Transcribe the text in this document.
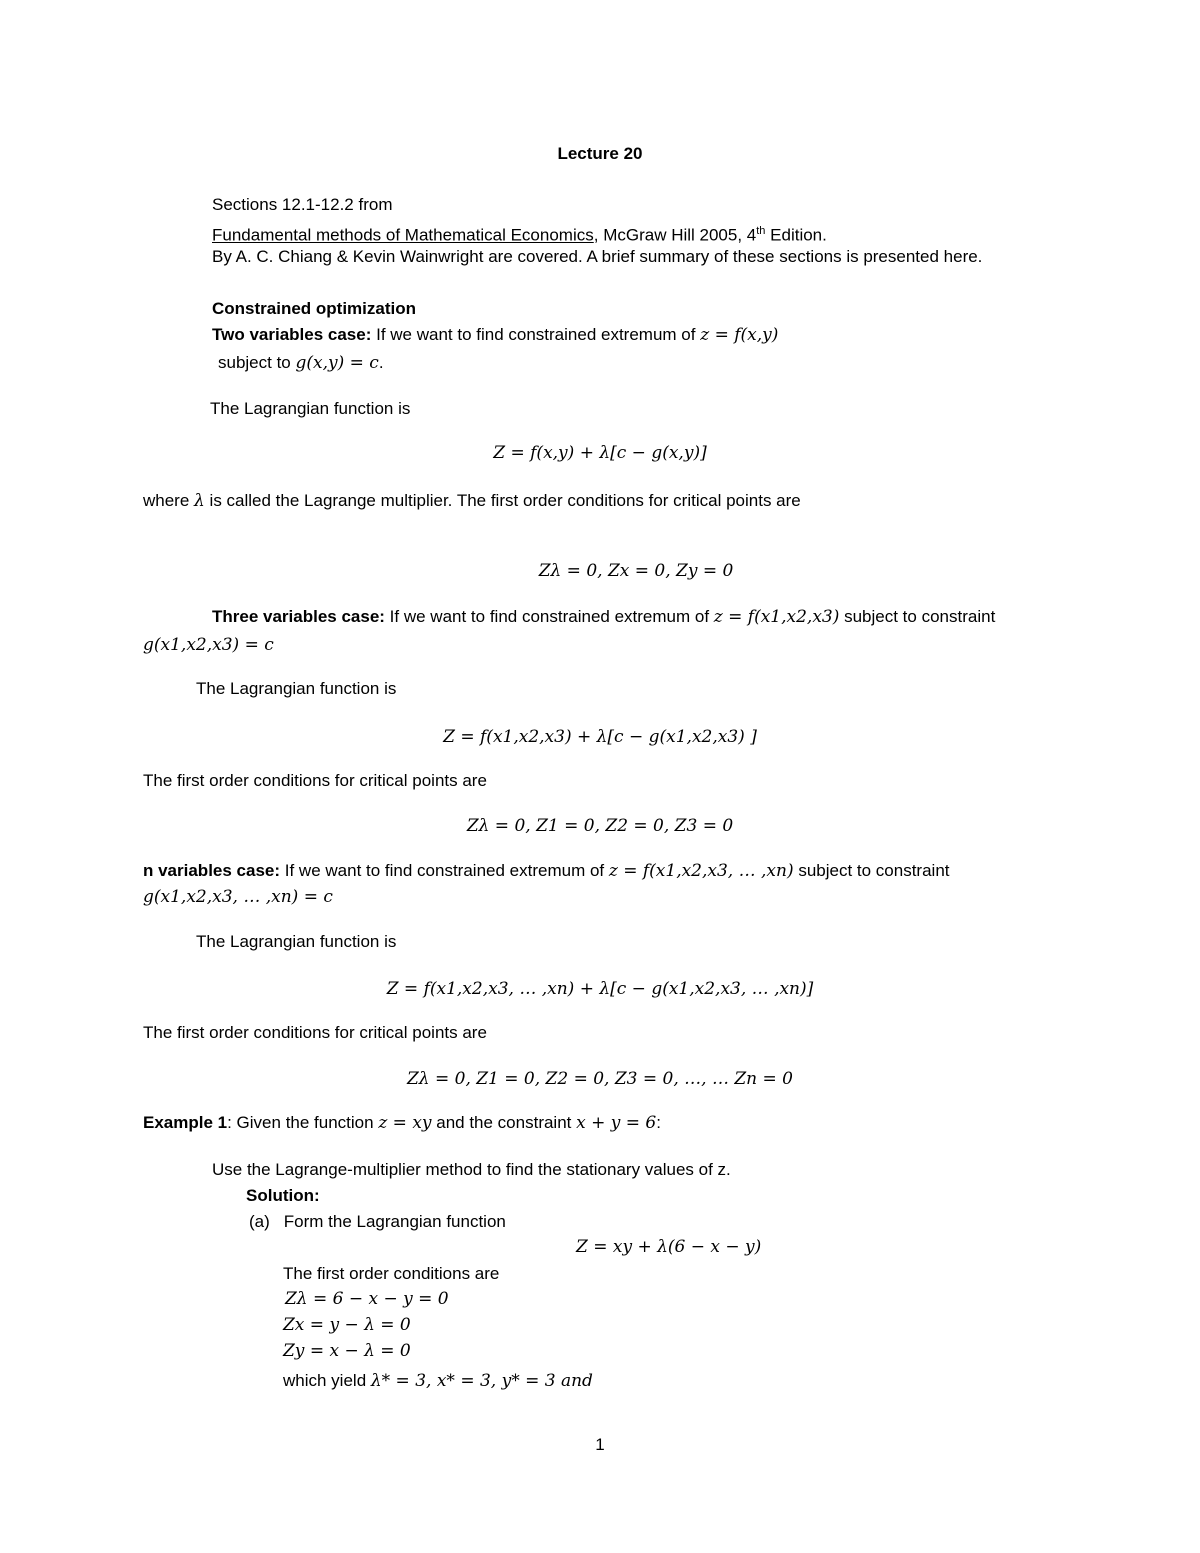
Lecture 20
Sections 12.1-12.2 from
Fundamental methods of Mathematical Economics, McGraw Hill 2005, 4th Edition.
By A. C. Chiang & Kevin Wainwright are covered. A brief summary of these sections is presented here.
Constrained optimization
Two variables case: If we want to find constrained extremum of z = f(x,y)
subject to g(x,y) = c.
The Lagrangian function is
Z = f(x,y) + λ[c − g(x,y)]
where λ is called the Lagrange multiplier. The first order conditions for critical points are
Zλ = 0, Zx = 0, Zy = 0
Three variables case: If we want to find constrained extremum of z = f(x1,x2,x3) subject to constraint
g(x1,x2,x3) = c
The Lagrangian function is
Z = f(x1,x2,x3) + λ[c − g(x1,x2,x3) ]
The first order conditions for critical points are
Zλ = 0, Z1 = 0, Z2 = 0, Z3 = 0
n variables case: If we want to find constrained extremum of z = f(x1,x2,x3, … ,xn) subject to constraint
g(x1,x2,x3, … ,xn) = c
The Lagrangian function is
Z = f(x1,x2,x3, … ,xn) + λ[c − g(x1,x2,x3, … ,xn)]
The first order conditions for critical points are
Zλ = 0, Z1 = 0, Z2 = 0, Z3 = 0, …, … Zn = 0
Example 1: Given the function z = xy and the constraint x + y = 6:
Use the Lagrange-multiplier method to find the stationary values of z.
Solution:
(a) Form the Lagrangian function
Z = xy + λ(6 − x − y)
The first order conditions are
Zλ = 6 − x − y = 0
Zx = y − λ = 0
Zy = x − λ = 0
which yield λ* = 3, x* = 3, y* = 3 and
1
